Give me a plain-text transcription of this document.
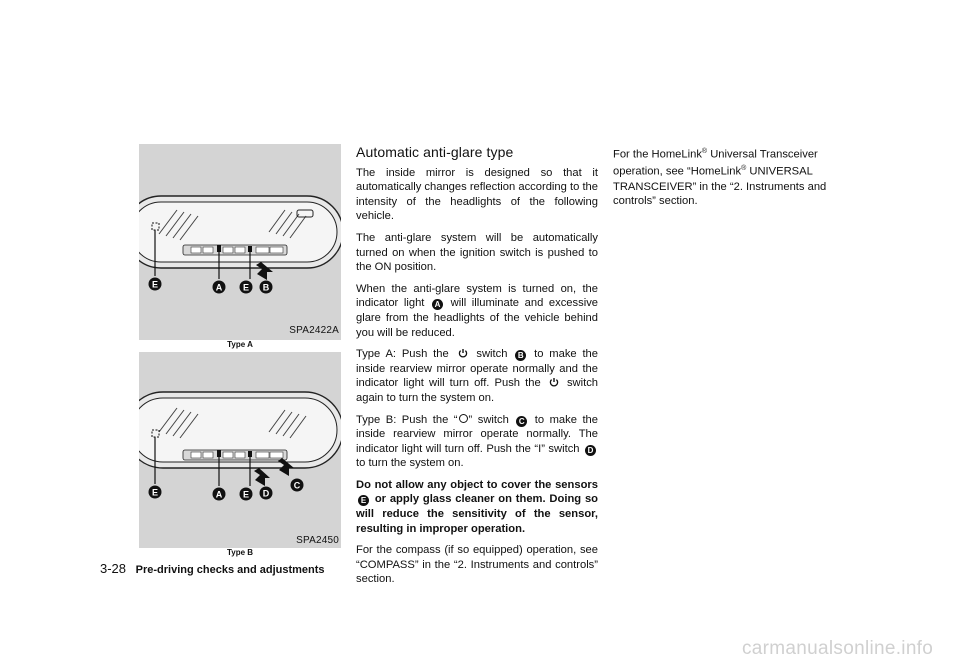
E	A E B
SPA2422A
Type A
E	A E D
C
SPA2450
Type B
Automatic anti-glare type

The inside mirror is designed so that it automatically changes reflection according to the intensity of the headlights of the following vehicle.

The anti-glare system will be automatically turned on when the ignition switch is pushed to the ON position.

When the anti-glare system is turned on, the indicator light A will illuminate and excessive glare from the headlights of the vehicle behind you will be reduced.

Type A: Push the switch B to make the inside rearview mirror operate normally and the indicator light will turn off. Push the switch again to turn the system on.

Type B: Push the “ ” switch C to make the inside rearview mirror operate normally. The indicator light will turn off. Push the “I” switch D to turn the system on.

Do not allow any object to cover the sensors E or apply glass cleaner on them. Doing so will reduce the sensitivity of the sensor, resulting in improper operation.

For the compass (if so equipped) operation, see “COMPASS” in the “2. Instruments and controls” section.

For the HomeLink® Universal Transceiver operation, see “HomeLink® UNIVERSAL TRANSCEIVER” in the “2. Instruments and controls” section.

3-28 Pre-driving checks and adjustments
carmanualsonline.info
